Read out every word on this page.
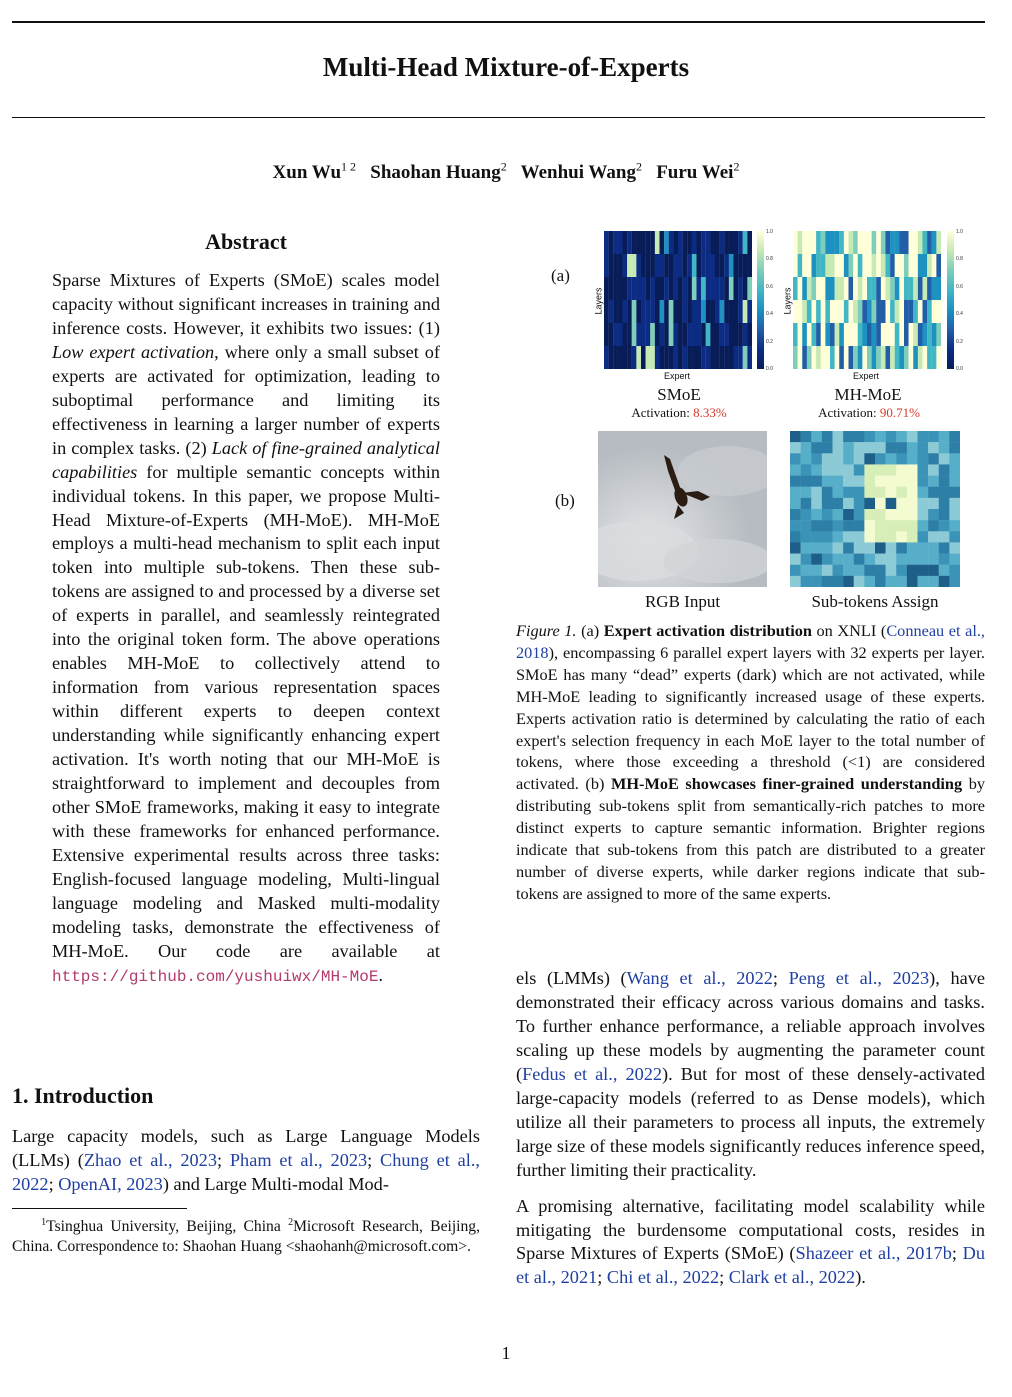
Multi-Head Mixture-of-Experts
Xun $Wu^{1 2}$ Shaohan Huang$^2$ Wenhui Wang$^2$ Furu Wei$^2$
Abstract
Sparse Mixtures of Experts (SMoE) scales model capacity without significant increases in training and inference costs. However, it exhibits two issues: (1) Low expert activation, where only a small subset of experts are activated for optimization, leading to suboptimal performance and limiting its effectiveness in learning a larger number of experts in complex tasks. (2) Lack of fine-grained analytical capabilities for multiple semantic concepts within individual tokens. In this paper, we propose Multi-Head Mixture-of-Experts (MH-MoE). MH-MoE employs a multi-head mechanism to split each input token into multiple sub-tokens. Then these sub-tokens are assigned to and processed by a diverse set of experts in parallel, and seamlessly reintegrated into the original token form. The above operations enables MH-MoE to collectively attend to information from various representation spaces within different experts to deepen context understanding while significantly enhancing expert activation. It's worth noting that our MH-MoE is straightforward to implement and decouples from other SMoE frameworks, making it easy to integrate with these frameworks for enhanced performance. Extensive experimental results across three tasks: English-focused language modeling, Multi-lingual language modeling and Masked multi-modality modeling tasks, demonstrate the effectiveness of MH-MoE. Our code are available at https://github.com/yushuiwx/MH-MoE.
1. Introduction
Large capacity models, such as Large Language Models (LLMs) (Zhao et al., 2023; Pham et al., 2023; Chung et al., 2022; OpenAI, 2023) and Large Multi-modal Mod-
$^1$Tsinghua University, Beijing, China $^2$Microsoft Research, Beijing, China. Correspondence to: Shaohan Huang <shaohanh@microsoft.com>.
(a)
Layers
Expert
1.0
0.8
0.6
0.4
0.2
0.0
Layers
Expert
1.0
0.8
0.6
0.4
0.2
0.0
SMoE
Activation: 8.33%
MH-MoE
Activation: 90.71%
(b)
RGB Input	Sub-tokens Assign
Figure 1. (a) Expert activation distribution on XNLI (Conneau et al., 2018), encompassing 6 parallel expert layers with 32 experts per layer. SMoE has many “dead” experts (dark) which are not activated, while MH-MoE leading to significantly increased usage of these experts. Experts activation ratio is determined by calculating the ratio of each expert's selection frequency in each MoE layer to the total number of tokens, where those exceeding a threshold (<1) are considered activated. (b) MH-MoE showcases finer-grained understanding by distributing sub-tokens split from semantically-rich patches to more distinct experts to capture semantic information. Brighter regions indicate that sub-tokens from this patch are distributed to a greater number of diverse experts, while darker regions indicate that sub-tokens are assigned to more of the same experts.

els (LMMs) (Wang et al., 2022; Peng et al., 2023), have demonstrated their efficacy across various domains and tasks. To further enhance performance, a reliable approach involves scaling up these models by augmenting the parameter count (Fedus et al., 2022). But for most of these densely-activated large-capacity models (referred to as Dense models), which utilize all their parameters to process all inputs, the extremely large size of these models significantly reduces inference speed, further limiting their practicality.

A promising alternative, facilitating model scalability while mitigating the burdensome computational costs, resides in Sparse Mixtures of Experts (SMoE) (Shazeer et al., 2017b; Du et al., 2021; Chi et al., 2022; Clark et al., 2022).

1
